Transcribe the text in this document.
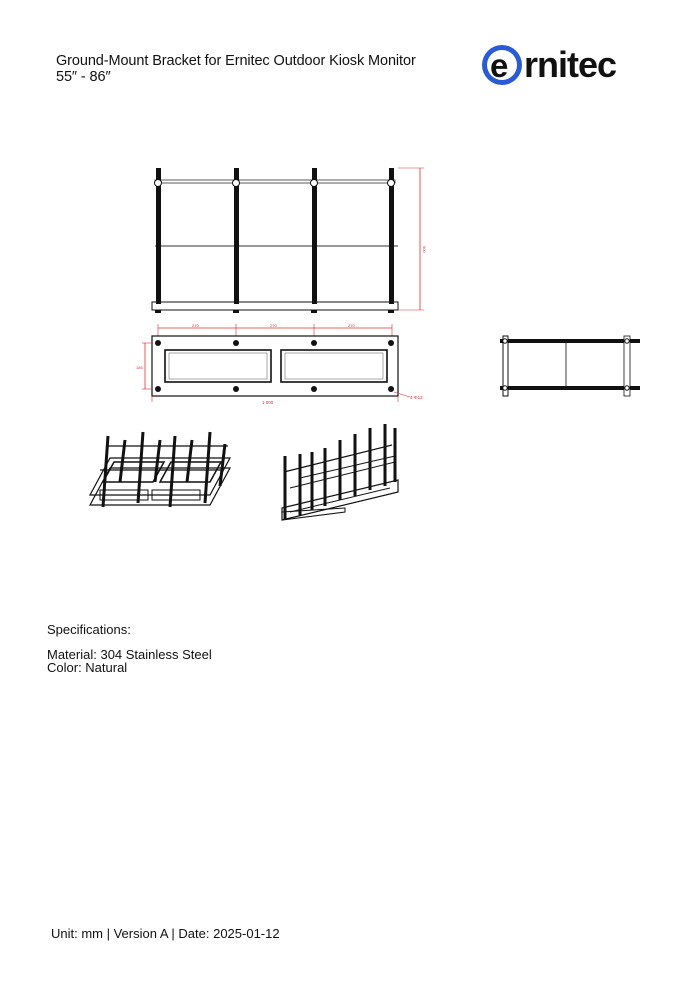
Ground-Mount Bracket for Ernitec Outdoor Kiosk Monitor
55″ - 86″	e rnitec
900
270	270	270
185
1 000
4-Φ12
Specifications:
Material: 304 Stainless Steel
Color: Natural
Unit: mm | Version A | Date: 2025-01-12
